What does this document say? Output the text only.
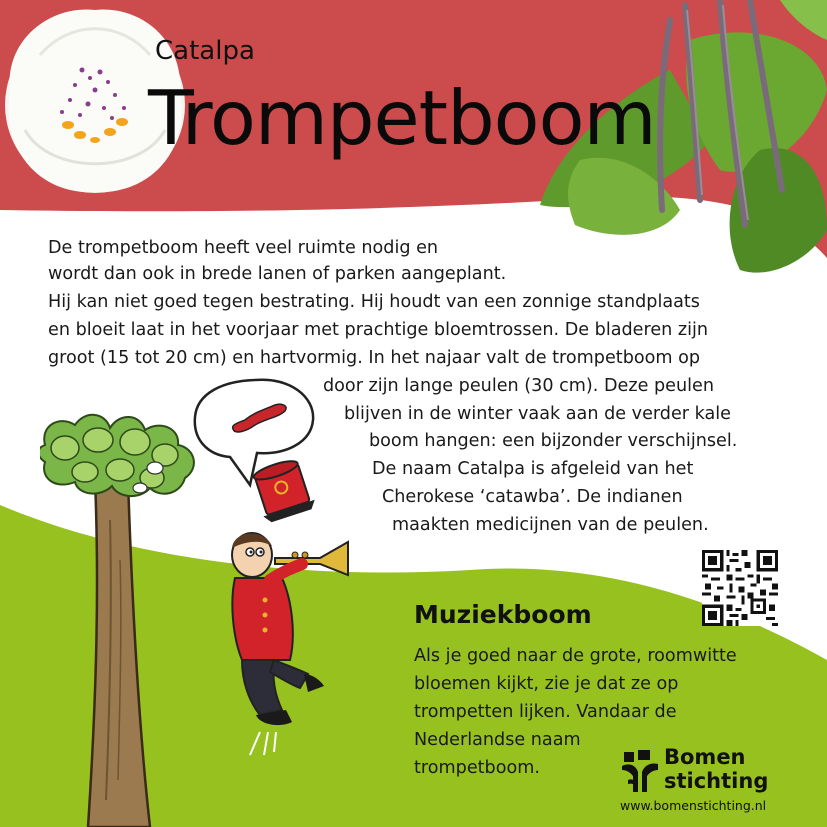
Catalpa
Trompetboom
De trompetboom heeft veel ruimte nodig en
wordt dan ook in brede lanen of parken aangeplant.
Hij kan niet goed tegen bestrating. Hij houdt van een zonnige standplaats
en bloeit laat in het voorjaar met prachtige bloemtrossen. De bladeren zijn
groot (15 tot 20 cm) en hartvormig. In het najaar valt de trompetboom op
door zijn lange peulen (30 cm). Deze peulen
blijven in de winter vaak aan de verder kale
boom hangen: een bijzonder verschijnsel.
De naam Catalpa is afgeleid van het
Cherokese ‘catawba’. De indianen
maakten medicijnen van de peulen.
Muziekboom
Als je goed naar de grote, roomwitte
bloemen kijkt, zie je dat ze op
trompetten lijken. Vandaar de
Nederlandse naam
trompetboom.	Bomen
stichting
www.bomenstichting.nl
